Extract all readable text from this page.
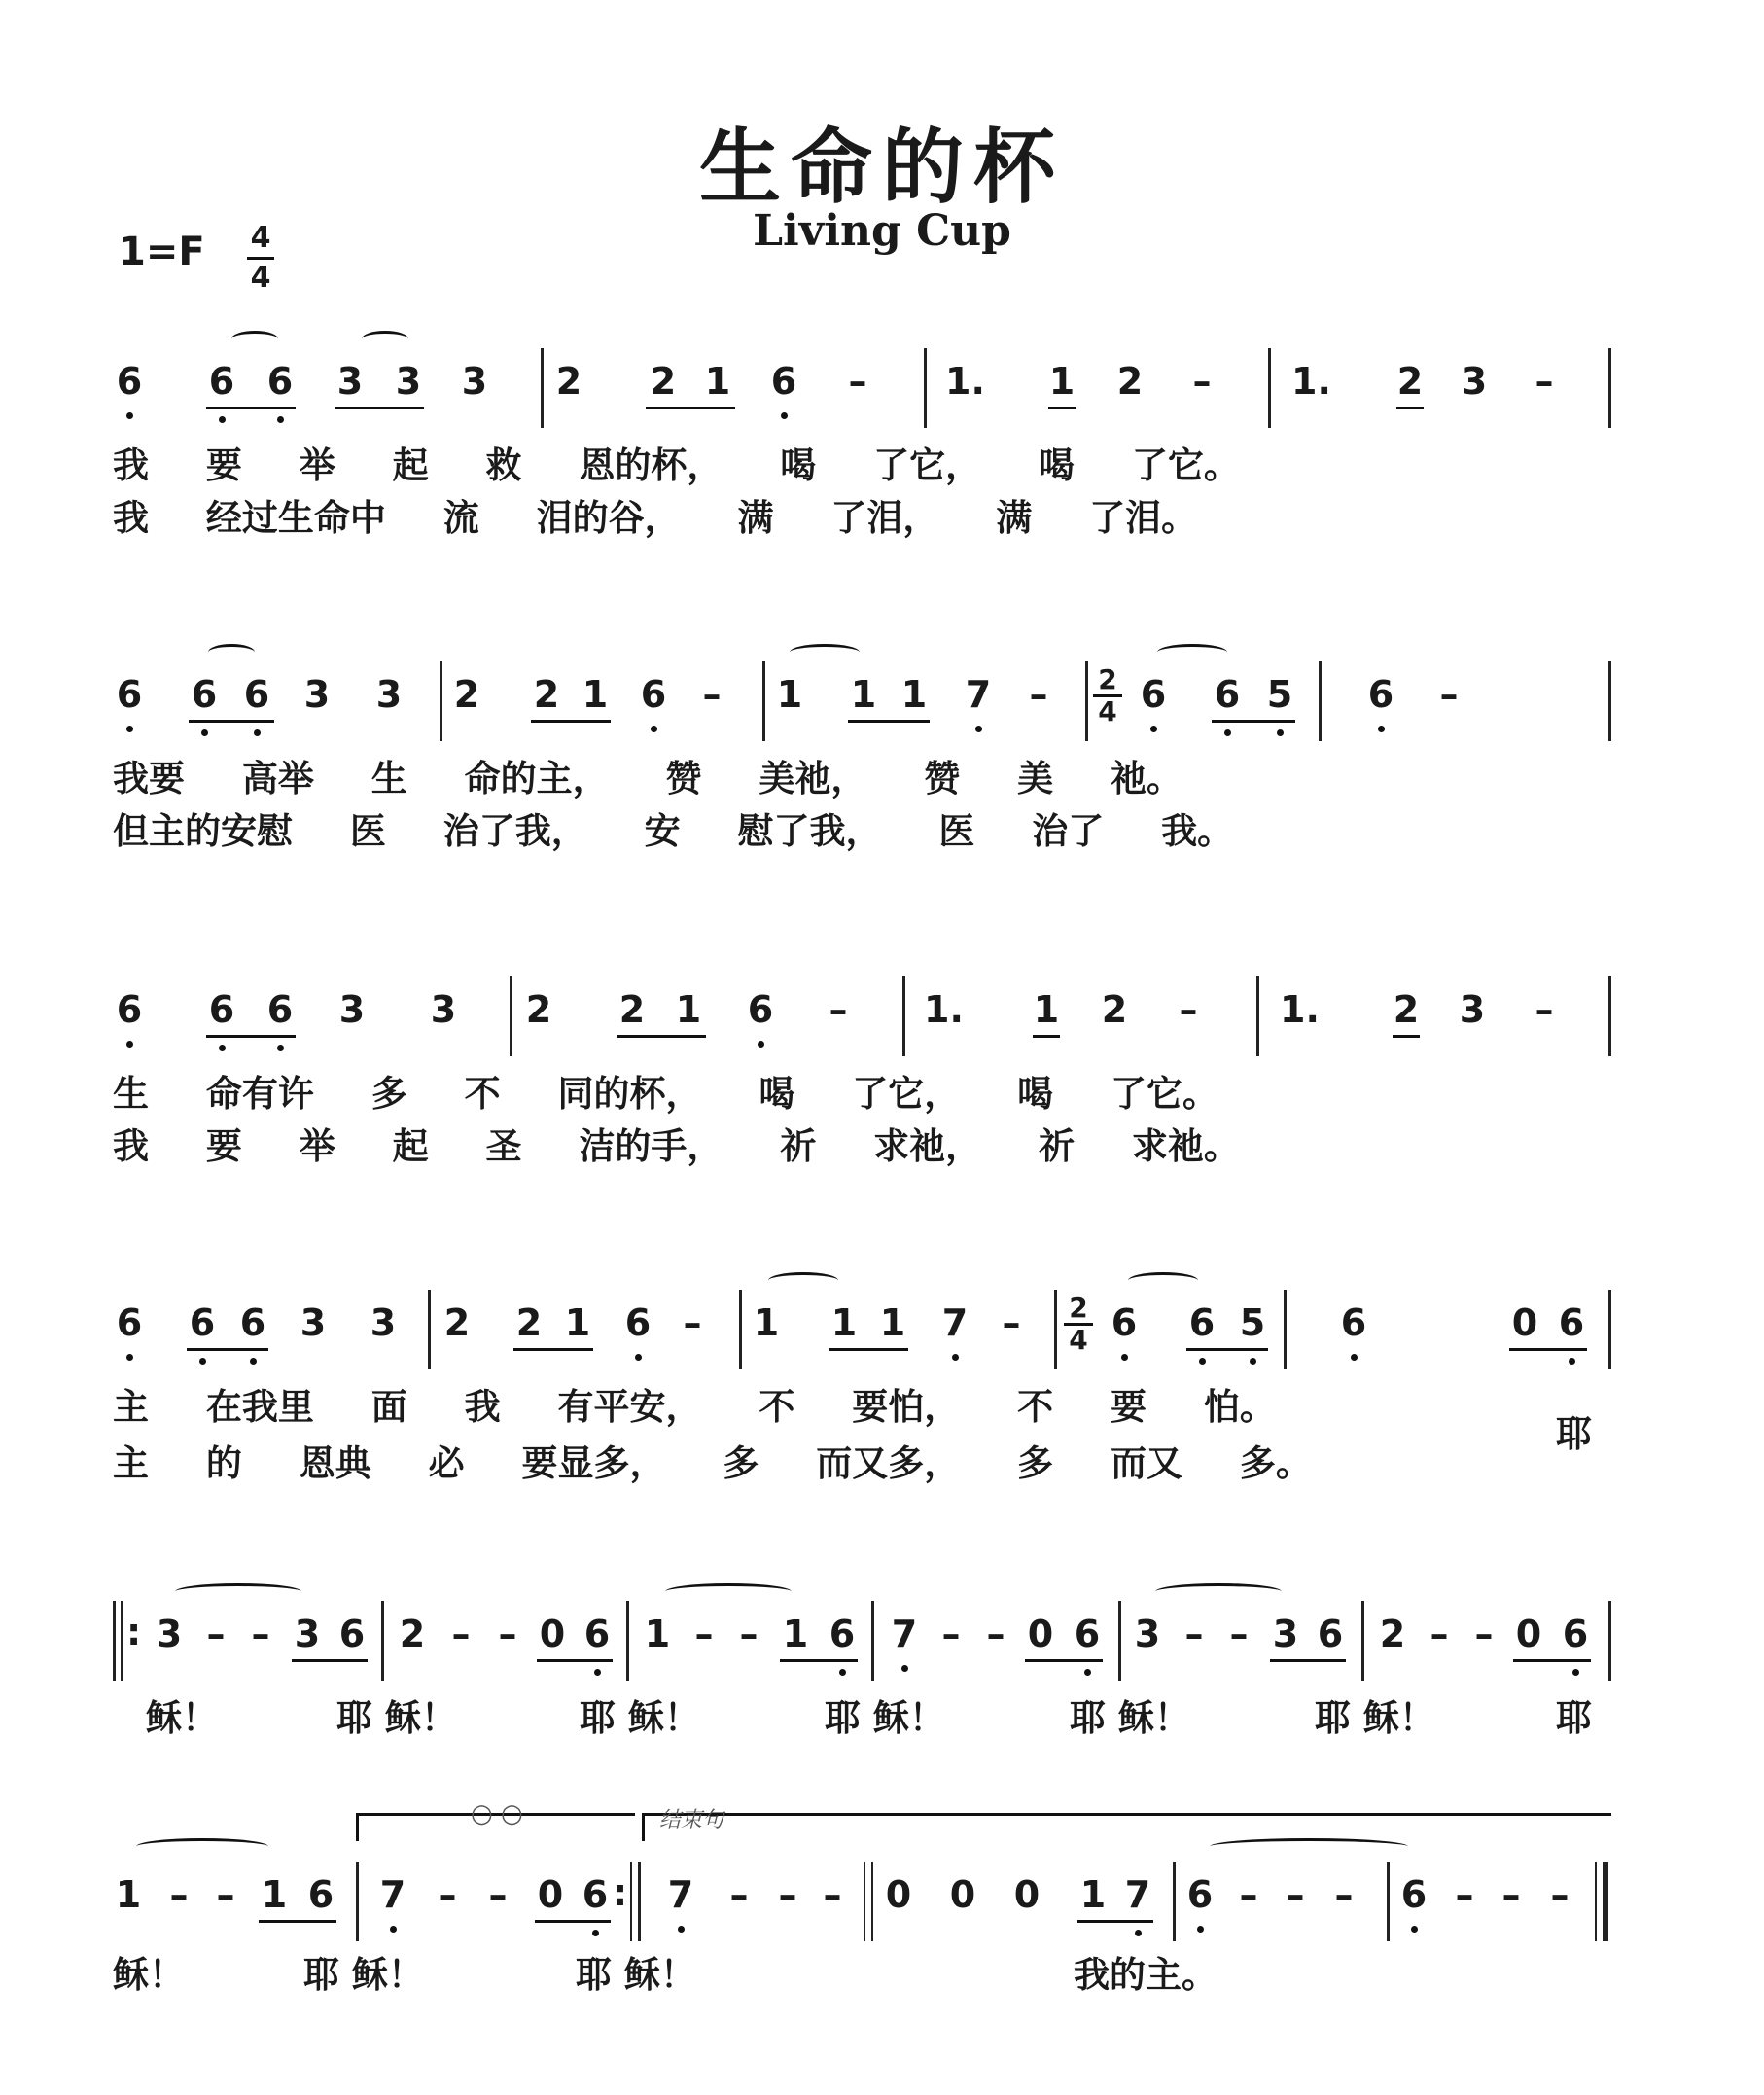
生命的杯
Living Cup
1=F 4
4
6 6 6 3 3 3 2 2 1 6 – 1. 1 2 – 1. 2 3 –
我 要 举 起 救 恩的杯， 喝 了它， 喝 了它。
我 经过生命中 流 泪的谷， 满 了泪， 满 了泪。
6 6 6 3 3 2 2 1 6 – 1 1 1 7 –	2
4 6 6 5 6 –
我要 高举 生 命的主， 赞 美祂， 赞 美 祂。
但主的安慰 医 治了我， 安 慰了我， 医 治了 我。
6 6 6 3 3 2 2 1 6 – 1. 1 2 – 1. 2 3 –
生 命有许 多 不 同的杯， 喝 了它， 喝 了它。
我 要 举 起 圣 洁的手， 祈 求祂， 祈 求祂。
6 6 6 3 3 2 2 1 6 – 1 1 1 7 –	2
4 6 6 5 6	0 6
主 在我里 面 我 有平安， 不 要怕， 不 要 怕。
主 的 恩典 必 要显多， 多 而又多， 多 而又 多。
耶
: 3 – – 3 6 2 – – 0 6 1 – – 1 6 7 – – 0 6 3 – – 3 6 2 – – 0 6
稣！	耶 稣！	耶 稣！	耶 稣！	耶 稣！	耶 稣！	耶
○ ○	结束句
1 – – 1 6 7 – – 0 6 : 7 – – – 0 0 0 1 7 6 – – – 6 – – –
稣！	耶 稣！	耶 稣！	我的主。
